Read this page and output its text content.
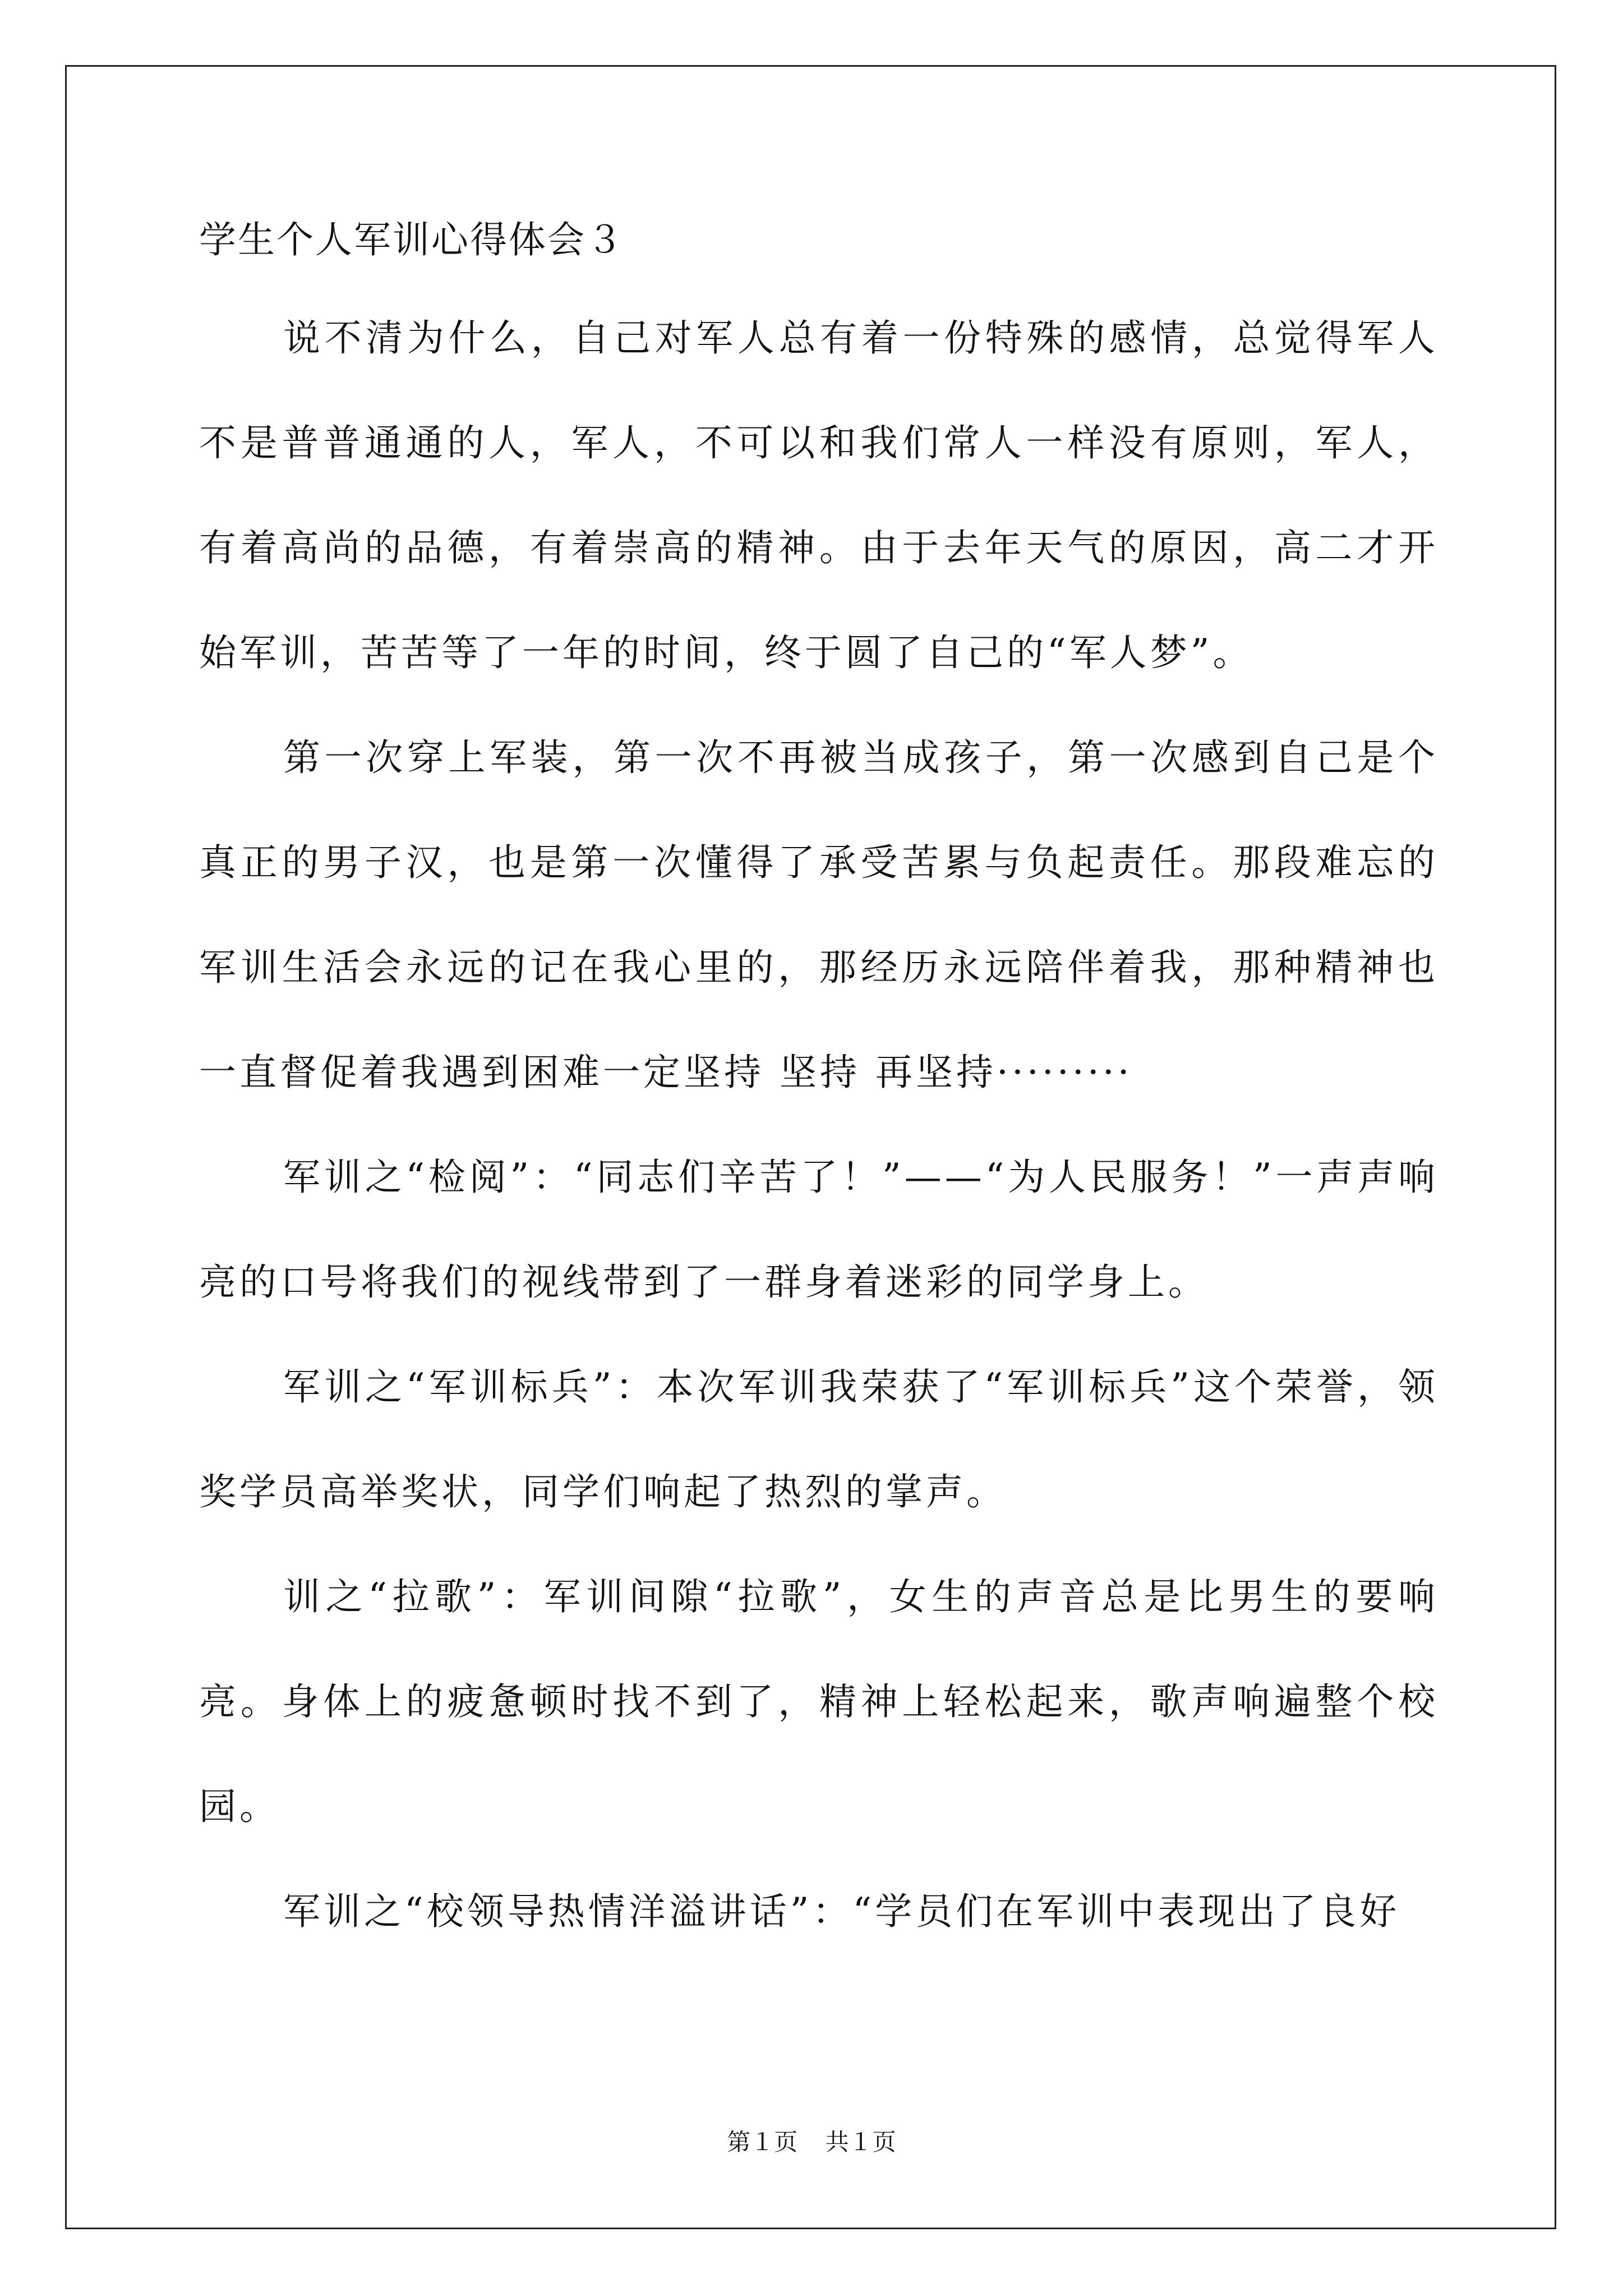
学生个人军训心得体会３

说不清为什么，自己对军人总有着一份特殊的感情，总觉得军人不是普普通通的人，军人，不可以和我们常人一样没有原则，军人，有着高尚的品德，有着崇高的精神。由于去年天气的原因，高二才开始军训，苦苦等了一年的时间，终于圆了自己的“军人梦”。

第一次穿上军装，第一次不再被当成孩子，第一次感到自己是个真正的男子汉，也是第一次懂得了承受苦累与负起责任。那段难忘的军训生活会永远的记在我心里的，那经历永远陪伴着我，那种精神也一直督促着我遇到困难一定坚持 坚持 再坚持·········

军训之“检阅”：“同志们辛苦了！”——“为人民服务！”一声声响亮的口号将我们的视线带到了一群身着迷彩的同学身上。

军训之“军训标兵”：本次军训我荣获了“军训标兵”这个荣誉，领奖学员高举奖状，同学们响起了热烈的掌声。

训之“拉歌”：军训间隙“拉歌”，女生的声音总是比男生的要响亮。身体上的疲惫顿时找不到了，精神上轻松起来，歌声响遍整个校园。

军训之“校领导热情洋溢讲话”：“学员们在军训中表现出了良好

第１页 共１页
